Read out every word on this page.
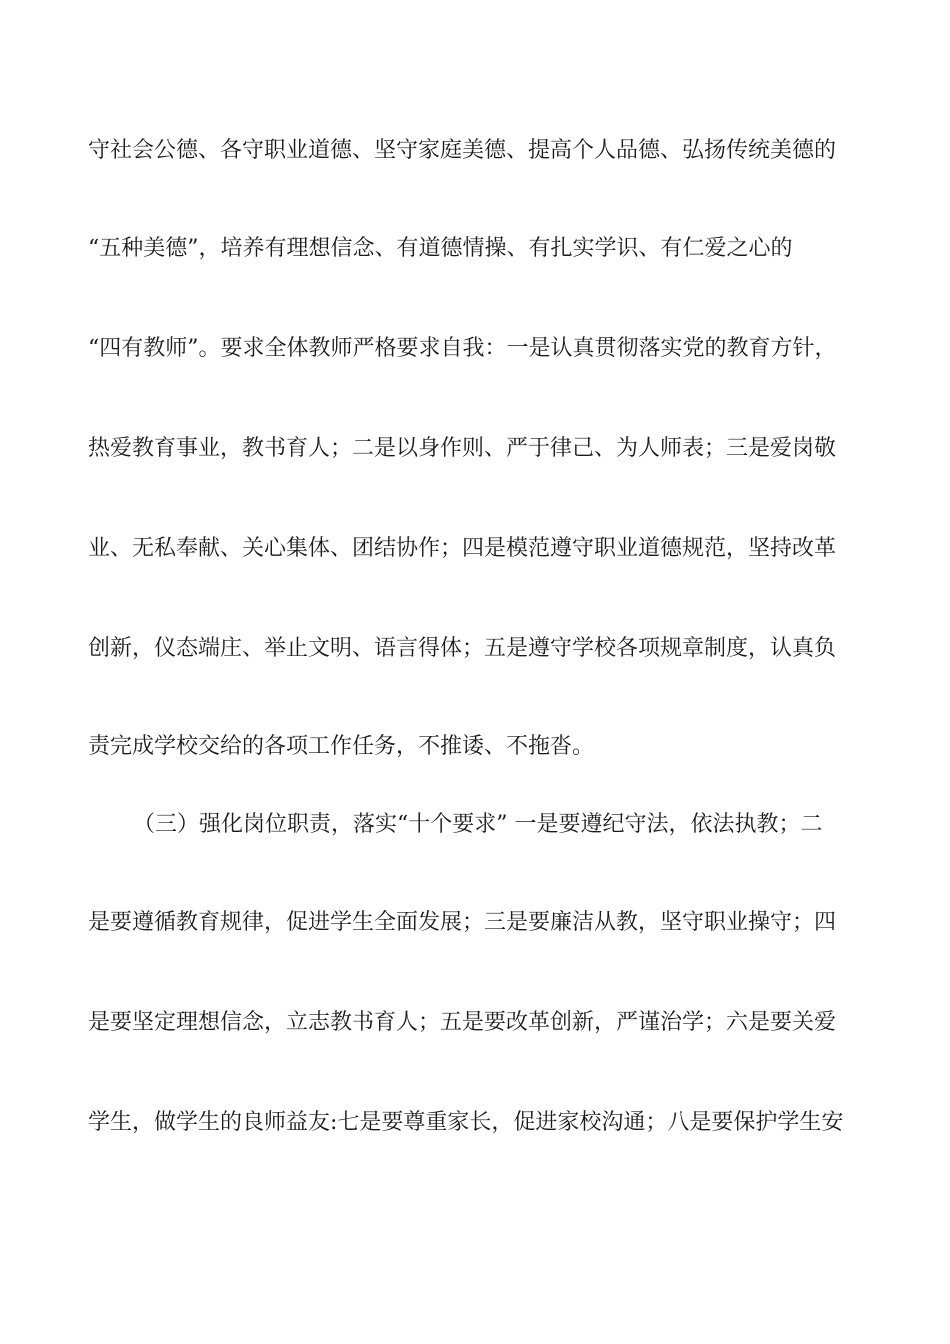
守社会公德、各守职业道德、坚守家庭美德、提高个人品德、弘扬传统美德的
“五种美德”，培养有理想信念、有道德情操、有扎实学识、有仁爱之心的
“四有教师”。要求全体教师严格要求自我：一是认真贯彻落实党的教育方针，
热爱教育事业，教书育人；二是以身作则、严于律己、为人师表；三是爱岗敬
业、无私奉献、关心集体、团结协作；四是模范遵守职业道德规范，坚持改革
创新，仪态端庄、举止文明、语言得体；五是遵守学校各项规章制度，认真负
责完成学校交给的各项工作任务，不推诿、不拖沓。
（三）强化岗位职责，落实“十个要求” 一是要遵纪守法，依法执教；二
是要遵循教育规律，促进学生全面发展；三是要廉洁从教，坚守职业操守；四
是要坚定理想信念，立志教书育人；五是要改革创新，严谨治学；六是要关爱
学生，做学生的良师益友:七是要尊重家长，促进家校沟通；八是要保护学生安
